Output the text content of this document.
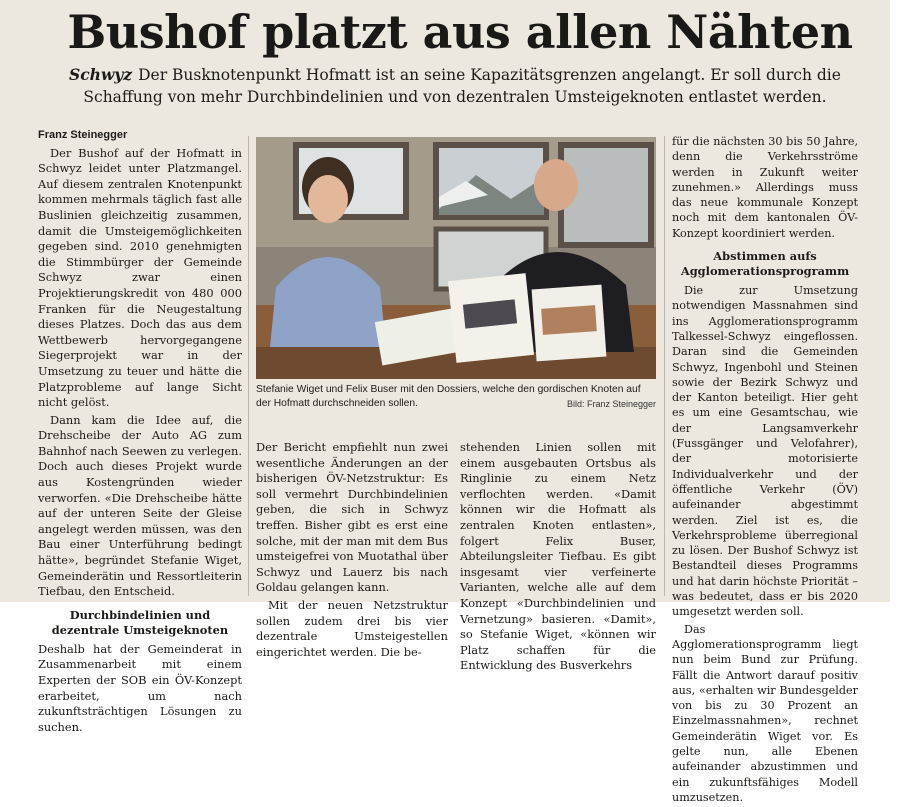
Bushof platzt aus allen Nähten

Schwyz Der Busknotenpunkt Hofmatt ist an seine Kapazitätsgrenzen angelangt. Er soll durch die Schaffung von mehr Durchbindelinien und von dezentralen Umsteigeknoten entlastet werden.

Franz Steinegger

Der Bushof auf der Hofmatt in Schwyz leidet unter Platzmangel. Auf diesem zentralen Knotenpunkt kommen mehrmals täglich fast alle Buslinien gleichzeitig zusammen, damit die Umsteigemöglichkeiten gegeben sind. 2010 genehmigten die Stimmbürger der Gemeinde Schwyz zwar einen Projektierungskredit von 480 000 Franken für die Neugestaltung dieses Platzes. Doch das aus dem Wettbewerb hervorgegangene Siegerprojekt war in der Umsetzung zu teuer und hätte die Platzprobleme auf lange Sicht nicht gelöst.

Dann kam die Idee auf, die Drehscheibe der Auto AG zum Bahnhof nach Seewen zu verlegen. Doch auch dieses Projekt wurde aus Kostengründen wieder verworfen. «Die Drehscheibe hätte auf der unteren Seite der Gleise angelegt werden müssen, was den Bau einer Unterführung bedingt hätte», begründet Stefanie Wiget, Gemeinderätin und Ressortleiterin Tiefbau, den Entscheid.

Durchbindelinien und dezentrale Umsteigeknoten

Deshalb hat der Gemeinderat in Zusammenarbeit mit einem Experten der SOB ein ÖV-Konzept erarbeitet, um nach zukunftsträchtigen Lösungen zu suchen.

Stefanie Wiget und Felix Buser mit den Dossiers, welche den gordischen Knoten auf der Hofmatt durchschneiden sollen.	Bild: Franz Steinegger

Der Bericht empfiehlt nun zwei wesentliche Änderungen an der bisherigen ÖV-Netzstruktur: Es soll vermehrt Durchbindelinien geben, die sich in Schwyz treffen. Bisher gibt es erst eine solche, mit der man mit dem Bus umsteigefrei von Muotathal über Schwyz und Lauerz bis nach Goldau gelangen kann.

Mit der neuen Netzstruktur sollen zudem drei bis vier dezentrale Umsteigestellen eingerichtet werden. Die be-

stehenden Linien sollen mit einem ausgebauten Ortsbus als Ringlinie zu einem Netz verflochten werden. «Damit können wir die Hofmatt als zentralen Knoten entlasten», folgert Felix Buser, Abteilungsleiter Tiefbau. Es gibt insgesamt vier verfeinerte Varianten, welche alle auf dem Konzept «Durchbindelinien und Vernetzung» basieren. «Damit», so Stefanie Wiget, «können wir Platz schaffen für die Entwicklung des Busverkehrs

für die nächsten 30 bis 50 Jahre, denn die Verkehrsströme werden in Zukunft weiter zunehmen.» Allerdings muss das neue kommunale Konzept noch mit dem kantonalen ÖV-Konzept koordiniert werden.

Abstimmen aufs Agglomerationsprogramm

Die zur Umsetzung notwendigen Massnahmen sind ins Agglomerationsprogramm Talkessel-Schwyz eingeflossen. Daran sind die Gemeinden Schwyz, Ingenbohl und Steinen sowie der Bezirk Schwyz und der Kanton beteiligt. Hier geht es um eine Gesamtschau, wie der Langsamverkehr (Fussgänger und Velofahrer), der motorisierte Individualverkehr und der öffentliche Verkehr (ÖV) aufeinander abgestimmt werden. Ziel ist es, die Verkehrsprobleme überregional zu lösen. Der Bushof Schwyz ist Bestandteil dieses Programms und hat darin höchste Priorität – was bedeutet, dass er bis 2020 umgesetzt werden soll.

Das Agglomerationsprogramm liegt nun beim Bund zur Prüfung. Fällt die Antwort darauf positiv aus, «erhalten wir Bundesgelder von bis zu 30 Prozent an Einzelmassnahmen», rechnet Gemeinderätin Wiget vor. Es gelte nun, alle Ebenen aufeinander abzustimmen und ein zukunftsfähiges Modell umzusetzen.
